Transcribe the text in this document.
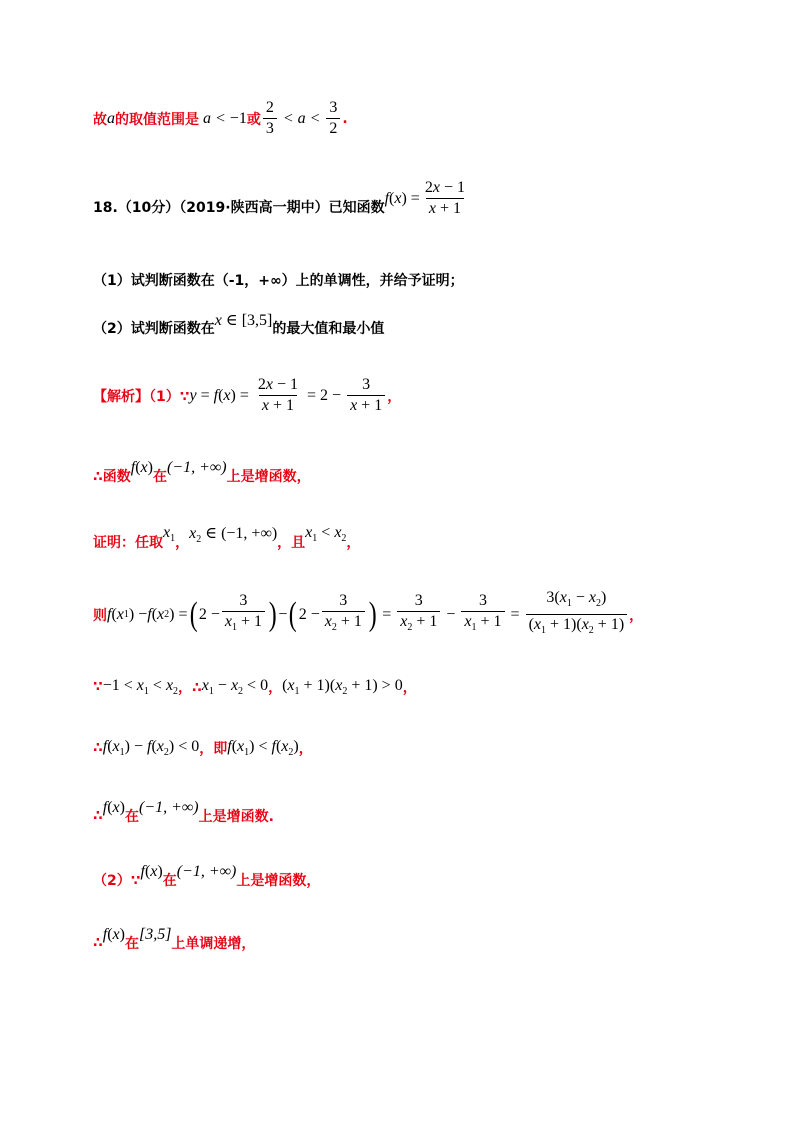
故 a 的取值范围是 a < −1 或 $\frac{2}{3} < a < \frac{3}{2}$ .
18.（10分）（2019·陕西高一期中）已知函数
f ( x )
= $\frac{2x - 1}{x + 1}$
（1）试判断函数在（-1，+∞）上的单调性，并给予证明；
（2）试判断函数在 x ∈ [3,5] 的最大值和最小值
【解析】（1）∵ y = f ( x ) = $\frac{2x - 1}{x + 1} = 2 - \frac{3}{x + 1}$ ，
∴函数
f(x)
在
(−1, +∞)
上是增函数，
证明：任取
$x_1$ ，
$x_2$ ∈ (−1, +∞)
，且
$x_1 < x_2$ ，
则 f ( x 1 ) − f ( x 2 ) = ( $2 - \frac{3}{x_1 + 1}$ ) − ( $2 - \frac{3}{x_2 + 1}$ ) = $\frac{3}{x_2 + 1} - \frac{3}{x_1 + 1} = \frac{3(x_1 - x_2)}{(x_1 + 1)(x_2 + 1)}$ ，
∵ $-1 < x_1 < x_2$ ，∴ $x_1 - x_2 < 0$ ， $(x_1 + 1)(x_2 + 1) > 0$ ，
∴ $f(x_1) - f(x_2) < 0$ ，即 $f(x_1) < f(x_2)$ ，
∴ f(x)
在
(−1, +∞)
上是增函数.
（2）∵
f(x)
在
(−1, +∞)
上是增函数，
∴ f(x)
在
[3,5]
上单调递增，
